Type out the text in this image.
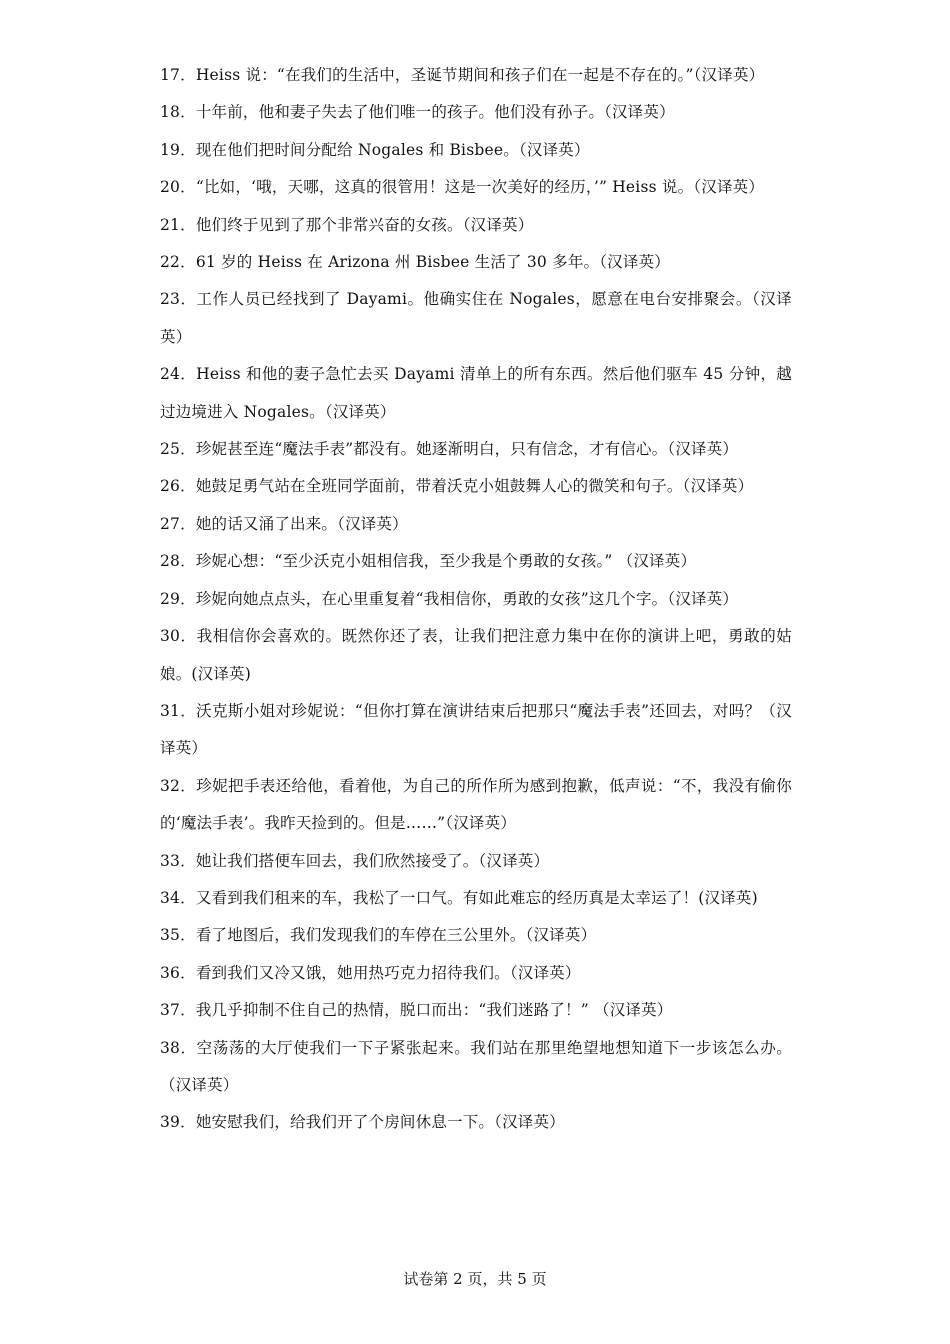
17．Heiss 说：“在我们的生活中，圣诞节期间和孩子们在一起是不存在的。”（汉译英）
18．十年前，他和妻子失去了他们唯一的孩子。他们没有孙子。（汉译英）
19．现在他们把时间分配给 Nogales 和 Bisbee。（汉译英）
20．“比如，‘哦，天哪，这真的很管用！这是一次美好的经历，’” Heiss 说。（汉译英）
21．他们终于见到了那个非常兴奋的女孩。（汉译英）
22．61 岁的 Heiss 在 Arizona 州 Bisbee 生活了 30 多年。（汉译英）
23．工作人员已经找到了 Dayami。他确实住在 Nogales，愿意在电台安排聚会。（汉译英）
24．Heiss 和他的妻子急忙去买 Dayami 清单上的所有东西。然后他们驱车 45 分钟，越过边境进入 Nogales。（汉译英）
25．珍妮甚至连“魔法手表”都没有。她逐渐明白，只有信念，才有信心。（汉译英）
26．她鼓足勇气站在全班同学面前，带着沃克小姐鼓舞人心的微笑和句子。（汉译英）
27．她的话又涌了出来。（汉译英）
28．珍妮心想：“至少沃克小姐相信我，至少我是个勇敢的女孩。” （汉译英）
29．珍妮向她点点头，在心里重复着“我相信你，勇敢的女孩”这几个字。（汉译英）
30．我相信你会喜欢的。既然你还了表，让我们把注意力集中在你的演讲上吧，勇敢的姑娘。(汉译英)
31．沃克斯小姐对珍妮说：“但你打算在演讲结束后把那只“魔法手表”还回去，对吗？（汉译英）
32．珍妮把手表还给他，看着他，为自己的所作所为感到抱歉，低声说：“不，我没有偷你的‘魔法手表’。我昨天捡到的。但是……”（汉译英）
33．她让我们搭便车回去，我们欣然接受了。（汉译英）
34．又看到我们租来的车，我松了一口气。有如此难忘的经历真是太幸运了！(汉译英)
35．看了地图后，我们发现我们的车停在三公里外。（汉译英）
36．看到我们又冷又饿，她用热巧克力招待我们。（汉译英）
37．我几乎抑制不住自己的热情，脱口而出：“我们迷路了！” （汉译英）
38．空荡荡的大厅使我们一下子紧张起来。我们站在那里绝望地想知道下一步该怎么办。（汉译英）
39．她安慰我们，给我们开了个房间休息一下。（汉译英）
试卷第 2 页，共 5 页
